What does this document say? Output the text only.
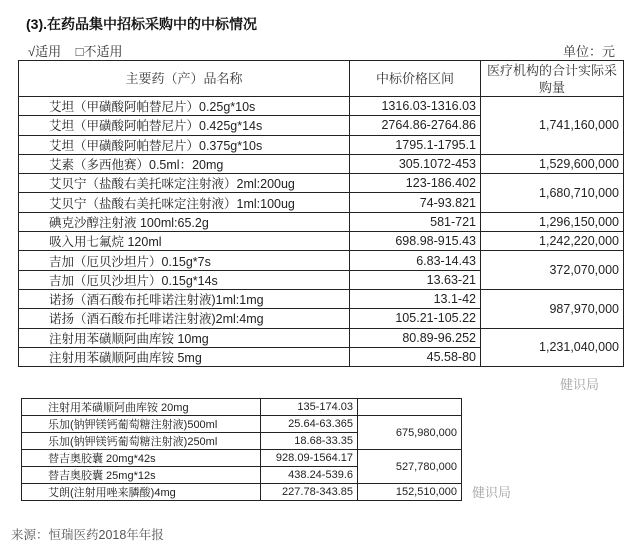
(3).在药品集中招标采购中的中标情况
√适用 □不适用	单位：元
主要药（产）品名称	中标价格区间	医疗机构的合计实际采购量
艾坦（甲磺酸阿帕替尼片）0.25g*10s	1316.03-1316.03	1,741,160,000
艾坦（甲磺酸阿帕替尼片）0.425g*14s	2764.86-2764.86	
艾坦（甲磺酸阿帕替尼片）0.375g*10s	1795.1-1795.1	
艾素（多西他赛）0.5ml：20mg	305.1072-453	1,529,600,000
艾贝宁（盐酸右美托咪定注射液）2ml:200ug	123-186.402	1,680,710,000
艾贝宁（盐酸右美托咪定注射液）1ml:100ug	74-93.821	
碘克沙醇注射液 100ml:65.2g	581-721	1,296,150,000
吸入用七氟烷 120ml	698.98-915.43	1,242,220,000
吉加（厄贝沙坦片）0.15g*7s	6.83-14.43	372,070,000
吉加（厄贝沙坦片）0.15g*14s	13.63-21	
诺扬（酒石酸布托啡诺注射液)1ml:1mg	13.1-42	987,970,000
诺扬（酒石酸布托啡诺注射液)2ml:4mg	105.21-105.22	
注射用苯磺顺阿曲库铵 10mg	80.89-96.252	1,231,040,000
注射用苯磺顺阿曲库铵 5mg	45.58-80	
注射用苯磺顺阿曲库铵 20mg	135-174.03	
乐加(钠钾镁钙葡萄糖注射液)500ml	25.64-63.365	675,980,000
乐加(钠钾镁钙葡萄糖注射液)250ml	18.68-33.35	
替吉奥胶囊 20mg*42s	928.09-1564.17	527,780,000
替吉奥胶囊 25mg*12s	438.24-539.6	
艾朗(注射用唑来膦酸)4mg	227.78-343.85	152,510,000
健识局
健识局
来源：恒瑞医药2018年年报
